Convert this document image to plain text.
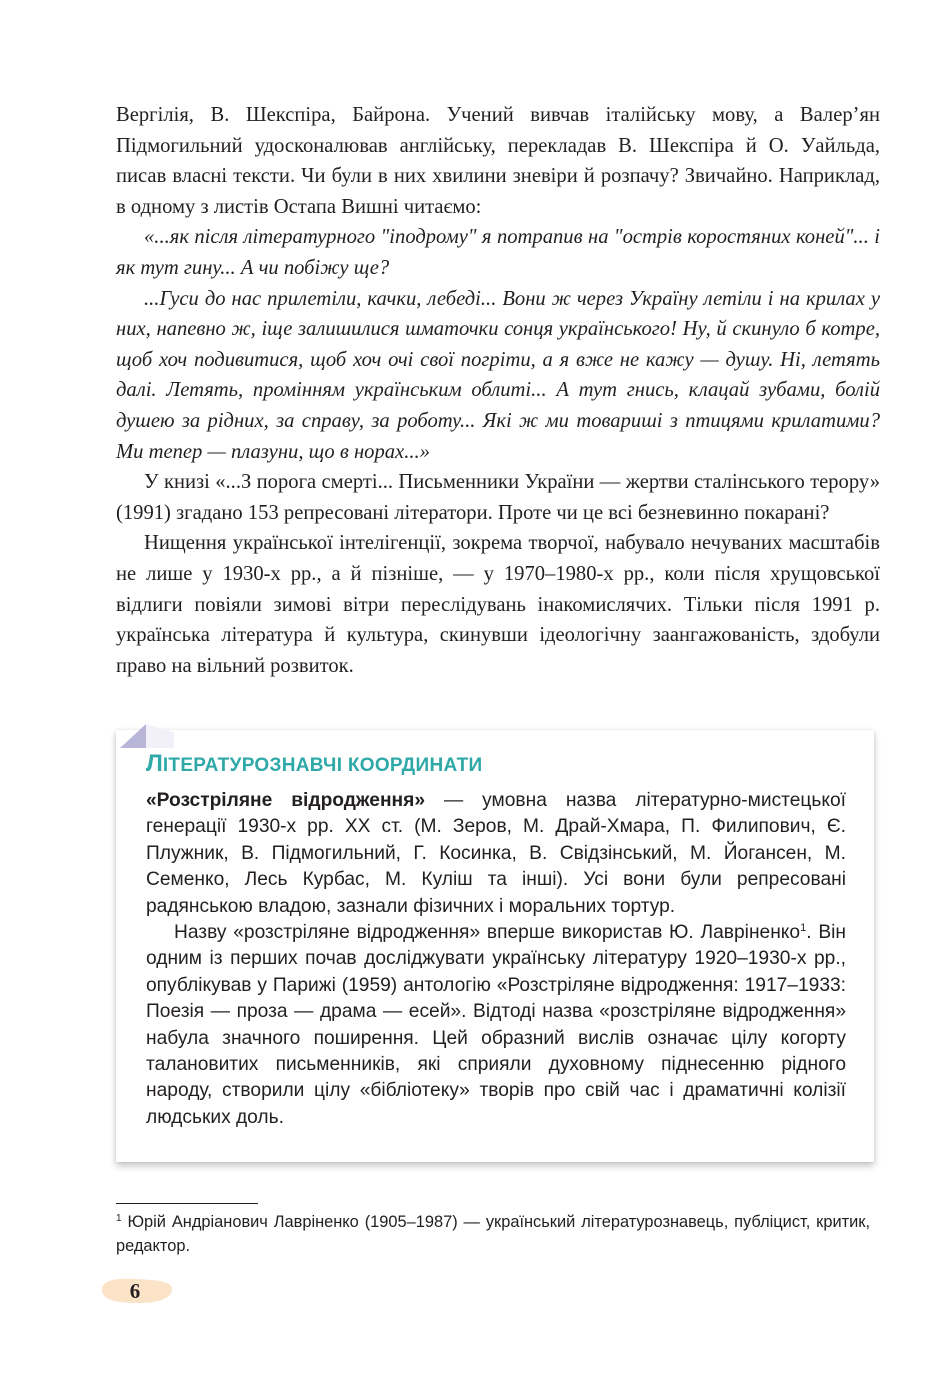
Вергілія, В. Шекспіра, Байрона. Учений вивчав італійську мову, а Валер’ян Підмогильний удосконалював англійську, перекладав В. Шекспіра й О. Уайльда, писав власні тексти. Чи були в них хвилини зневіри й розпачу? Звичайно. Наприклад, в одному з листів Остапа Вишні читаємо:

«...як після літературного "іподрому" я потрапив на "острів коростяних коней"... і як тут гину... А чи побіжу ще?

...Гуси до нас прилетіли, качки, лебеді... Вони ж через Україну летіли і на крилах у них, напевно ж, іще залишилися шматочки сонця українського! Ну, й скинуло б котре, щоб хоч подивитися, щоб хоч очі свої погріти, а я вже не кажу — душу. Ні, летять далі. Летять, промінням українським облиті... А тут гнись, клацай зубами, болій душею за рідних, за справу, за роботу... Які ж ми товариші з птицями крилатими? Ми тепер — плазуни, що в норах...»

У книзі «...З порога смерті... Письменники України — жертви сталінського терору» (1991) згадано 153 репресовані літератори. Проте чи це всі безневинно покарані?

Нищення української інтелігенції, зокрема творчої, набувало нечуваних масштабів не лише у 1930-х рр., а й пізніше, — у 1970–1980-х рр., коли після хрущовської відлиги повіяли зимові вітри переслідувань інакомислячих. Тільки після 1991 р. українська література й культура, скинувши ідеологічну заангажованість, здобули право на вільний розвиток.

ЛІТЕРАТУРОЗНАВЧІ КООРДИНАТИ

«Розстріляне відродження» — умовна назва літературно-мистецької генерації 1930-х рр. XX ст. (М. Зеров, М. Драй-Хмара, П. Филипович, Є. Плужник, В. Підмогильний, Г. Косинка, В. Свідзінський, М. Йогансен, М. Семенко, Лесь Курбас, М. Куліш та інші). Усі вони були репресовані радянською владою, зазнали фізичних і моральних тортур.

Назву «розстріляне відродження» вперше використав Ю. Лавріненко$^1$. Він одним із перших почав досліджувати українську літературу 1920–1930-х рр., опублікував у Парижі (1959) антологію «Розстріляне відродження: 1917–1933: Поезія — проза — драма — есей». Відтоді назва «розстріляне відродження» набула значного поширення. Цей образний вислів означає цілу когорту талановитих письменників, які сприяли духовному піднесенню рідного народу, створили цілу «бібліотеку» творів про свій час і драматичні колізії людських доль.

$^1$ Юрій Андріанович Лавріненко (1905–1987) — український літературознавець, публіцист, критик, редактор.
6
